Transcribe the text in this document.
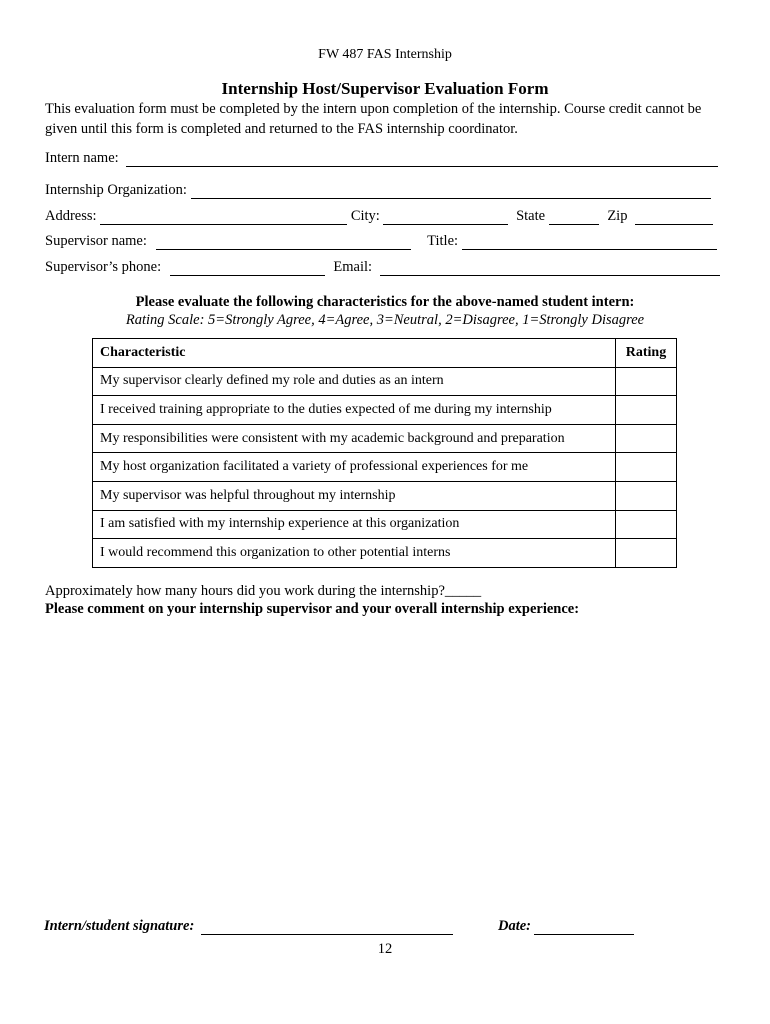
FW 487 FAS Internship
Internship Host/Supervisor Evaluation Form
This evaluation form must be completed by the intern upon completion of the internship. Course credit cannot be given until this form is completed and returned to the FAS internship coordinator.
Intern name:
Internship Organization:
Address:	City:	State	Zip
Supervisor name:	Title:
Supervisor’s phone:	Email:
Please evaluate the following characteristics for the above-named student intern:
Rating Scale: 5=Strongly Agree, 4=Agree, 3=Neutral, 2=Disagree, 1=Strongly Disagree
Characteristic	Rating
My supervisor clearly defined my role and duties as an intern	
I received training appropriate to the duties expected of me during my internship	
My responsibilities were consistent with my academic background and preparation	
My host organization facilitated a variety of professional experiences for me	
My supervisor was helpful throughout my internship	
I am satisfied with my internship experience at this organization	
I would recommend this organization to other potential interns	
Approximately how many hours did you work during the internship?_____
Please comment on your internship supervisor and your overall internship experience:
Intern/student signature:	Date:
12
